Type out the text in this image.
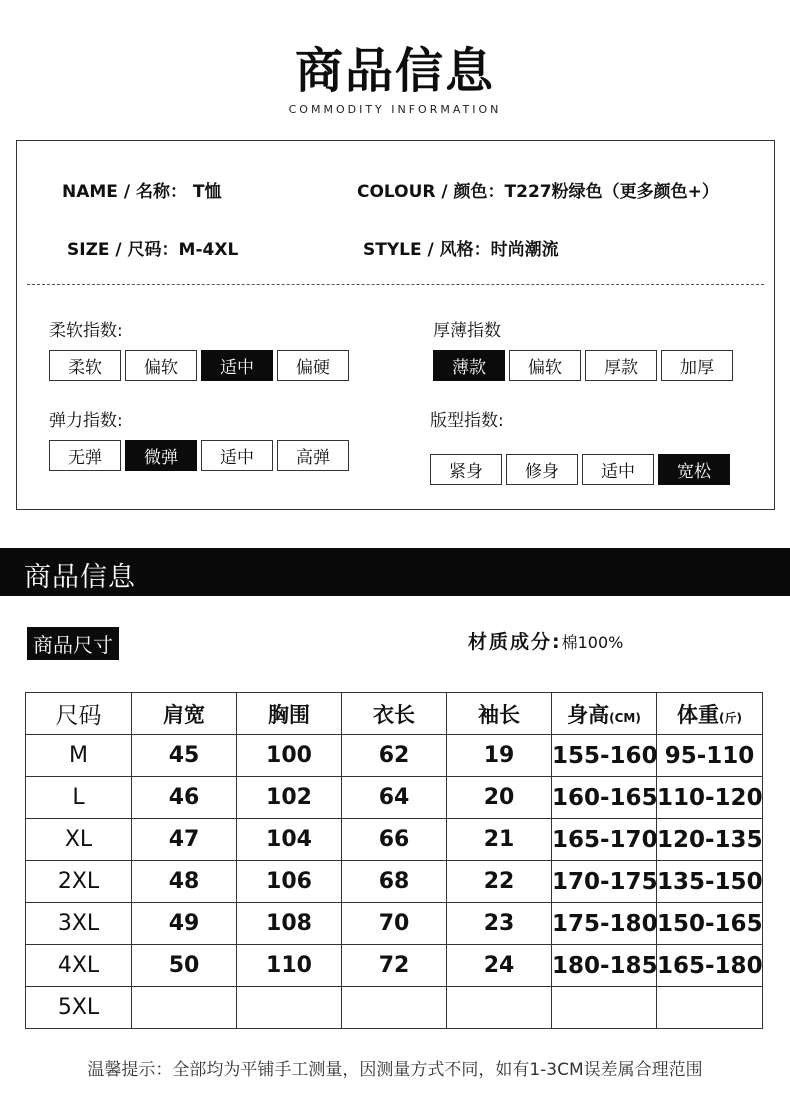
商品信息
COMMODITY INFORMATION
NAME / 名称： T恤	COLOUR / 颜色：T227粉绿色（更多颜色+）
SIZE / 尺码：M-4XL	STYLE / 风格：时尚潮流
柔软指数:
柔软	偏软	适中	偏硬
厚薄指数
薄款	偏软	厚款	加厚
弹力指数:
无弹	微弹	适中	高弹
版型指数:
紧身	修身	适中	宽松
商品信息
商品尺寸	材质成分:棉100%
尺码	肩宽	胸围	衣长	袖长	身高(CM)	体重(斤)
M	45	100	62	19	155-160	95-110
L	46	102	64	20	160-165	110-120
XL	47	104	66	21	165-170	120-135
2XL	48	106	68	22	170-175	135-150
3XL	49	108	70	23	175-180	150-165
4XL	50	110	72	24	180-185	165-180
5XL						
温馨提示：全部均为平铺手工测量，因测量方式不同，如有1-3CM误差属合理范围
